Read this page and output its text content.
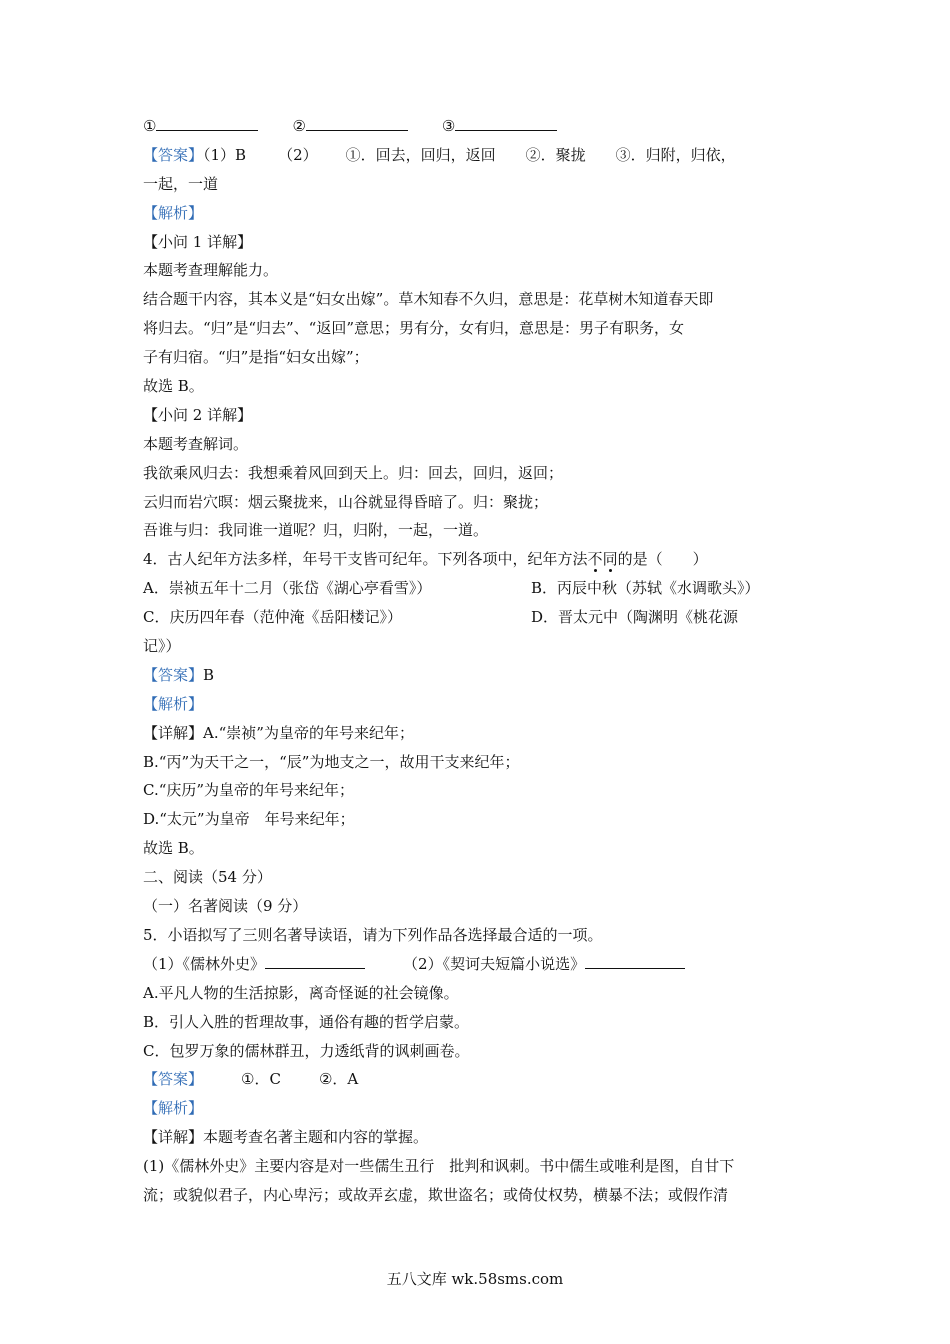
①	②	③
【答案】（1）B （2） ①．回去，回归，返回 ②．聚拢 ③．归附，归依，
一起，一道
【解析】
【小问 1 详解】
本题考查理解能力。
结合题干内容，其本义是“妇女出嫁”。草木知春不久归，意思是：花草树木知道春天即
将归去。“归”是“归去”、“返回”意思；男有分，女有归，意思是：男子有职务，女
子有归宿。“归”是指“妇女出嫁”；
故选 B。
【小问 2 详解】
本题考查解词。
我欲乘风归去：我想乘着风回到天上。归：回去，回归，返回；
云归而岩穴暝：烟云聚拢来，山谷就显得昏暗了。归：聚拢；
吾谁与归：我同谁一道呢？归，归附，一起，一道。
4．古人纪年方法多样，年号干支皆可纪年。下列各项中，纪年方法不同的是（　　）
A．崇祯五年十二月（张岱《湖心亭看雪》）	B．丙辰中秋（苏轼《水调歌头》）
C．庆历四年春（范仲淹《岳阳楼记》）	D．晋太元中（陶渊明《桃花源
记》）
【答案】B
【解析】
【详解】A.“崇祯”为皇帝的年号来纪年；
B.“丙”为天干之一，“辰”为地支之一，故用干支来纪年；
C.“庆历”为皇帝的年号来纪年；
D.“太元”为皇帝　年号来纪年；
故选 B。
二、阅读（54 分）
（一）名著阅读（9 分）
5．小语拟写了三则名著导读语，请为下列作品各选择最合适的一项。
（1）《儒林外史》	（2）《契诃夫短篇小说选》
A.平凡人物的生活掠影，离奇怪诞的社会镜像。
B．引人入胜的哲理故事，通俗有趣的哲学启蒙。
C．包罗万象的儒林群丑，力透纸背的讽刺画卷。
【答案】	①．C	②．A
【解析】
【详解】本题考查名著主题和内容的掌握。
(1)《儒林外史》主要内容是对一些儒生丑行　批判和讽刺。书中儒生或唯利是图，自甘下
流；或貌似君子，内心卑污；或故弄玄虚，欺世盗名；或倚仗权势，横暴不法；或假作清
五八文库 wk.58sms.com
